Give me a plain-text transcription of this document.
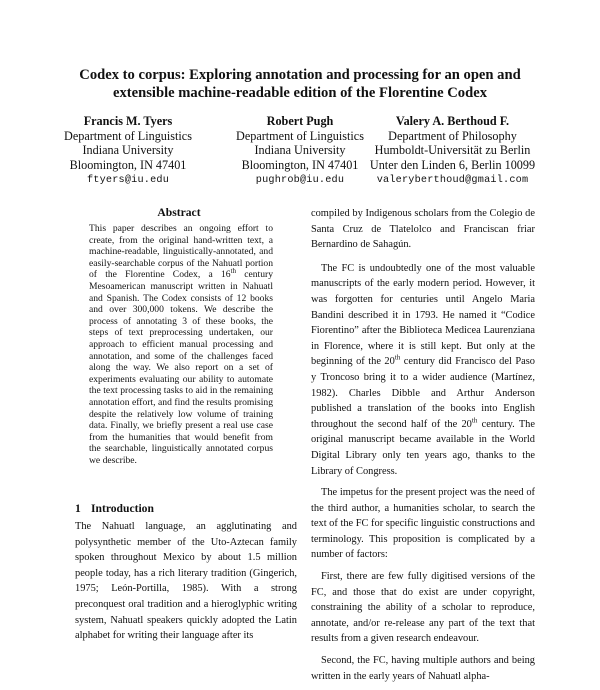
Codex to corpus: Exploring annotation and processing for an open and
extensible machine-readable edition of the Florentine Codex
Francis M. Tyers
Department of Linguistics
Indiana University
Bloomington, IN 47401
ftyers@iu.edu
Robert Pugh
Department of Linguistics
Indiana University
Bloomington, IN 47401
pughrob@iu.edu
Valery A. Berthoud F.
Department of Philosophy
Humboldt-Universität zu Berlin
Unter den Linden 6, Berlin 10099
valeryberthoud@gmail.com
Abstract
This paper describes an ongoing effort to create, from the original hand-written text, a machine-readable, linguistically-annotated, and easily-searchable corpus of the Nahuatl portion of the Florentine Codex, a 16th century Mesoamerican manuscript written in Nahuatl and Spanish. The Codex consists of 12 books and over 300,000 tokens. We describe the process of annotating 3 of these books, the steps of text preprocessing undertaken, our approach to efficient manual processing and annotation, and some of the challenges faced along the way. We also report on a set of experiments evaluating our ability to automate the text processing tasks to aid in the remaining annotation effort, and find the results promising despite the relatively low volume of training data. Finally, we briefly present a real use case from the humanities that would benefit from the searchable, linguistically annotated corpus we describe.
1 Introduction
The Nahuatl language, an agglutinating and polysynthetic member of the Uto-Aztecan family spoken throughout Mexico by about 1.5 million people today, has a rich literary tradition (Gingerich, 1975; León-Portilla, 1985). With a strong preconquest oral tradition and a hieroglyphic writing system, Nahuatl speakers quickly adopted the Latin alphabet for writing their language after its

compiled by Indigenous scholars from the Colegio de Santa Cruz de Tlatelolco and Franciscan friar Bernardino de Sahagún.

The FC is undoubtedly one of the most valuable manuscripts of the early modern period. However, it was forgotten for centuries until Angelo Maria Bandini described it in 1793. He named it “Codice Fiorentino” after the Biblioteca Medicea Laurenziana in Florence, where it is still kept. But only at the beginning of the 20th century did Francisco del Paso y Troncoso bring it to a wider audience (Martínez, 1982). Charles Dibble and Arthur Anderson published a translation of the books into English throughout the second half of the 20th century. The original manuscript became available in the World Digital Library only ten years ago, thanks to the Library of Congress.

The impetus for the present project was the need of the third author, a humanities scholar, to search the text of the FC for specific linguistic constructions and terminology. This proposition is complicated by a number of factors:

First, there are few fully digitised versions of the FC, and those that do exist are under copyright, constraining the ability of a scholar to reproduce, annotate, and/or re-release any part of the text that results from a given research endeavour.

Second, the FC, having multiple authors and being written in the early years of Nahuatl alpha-
